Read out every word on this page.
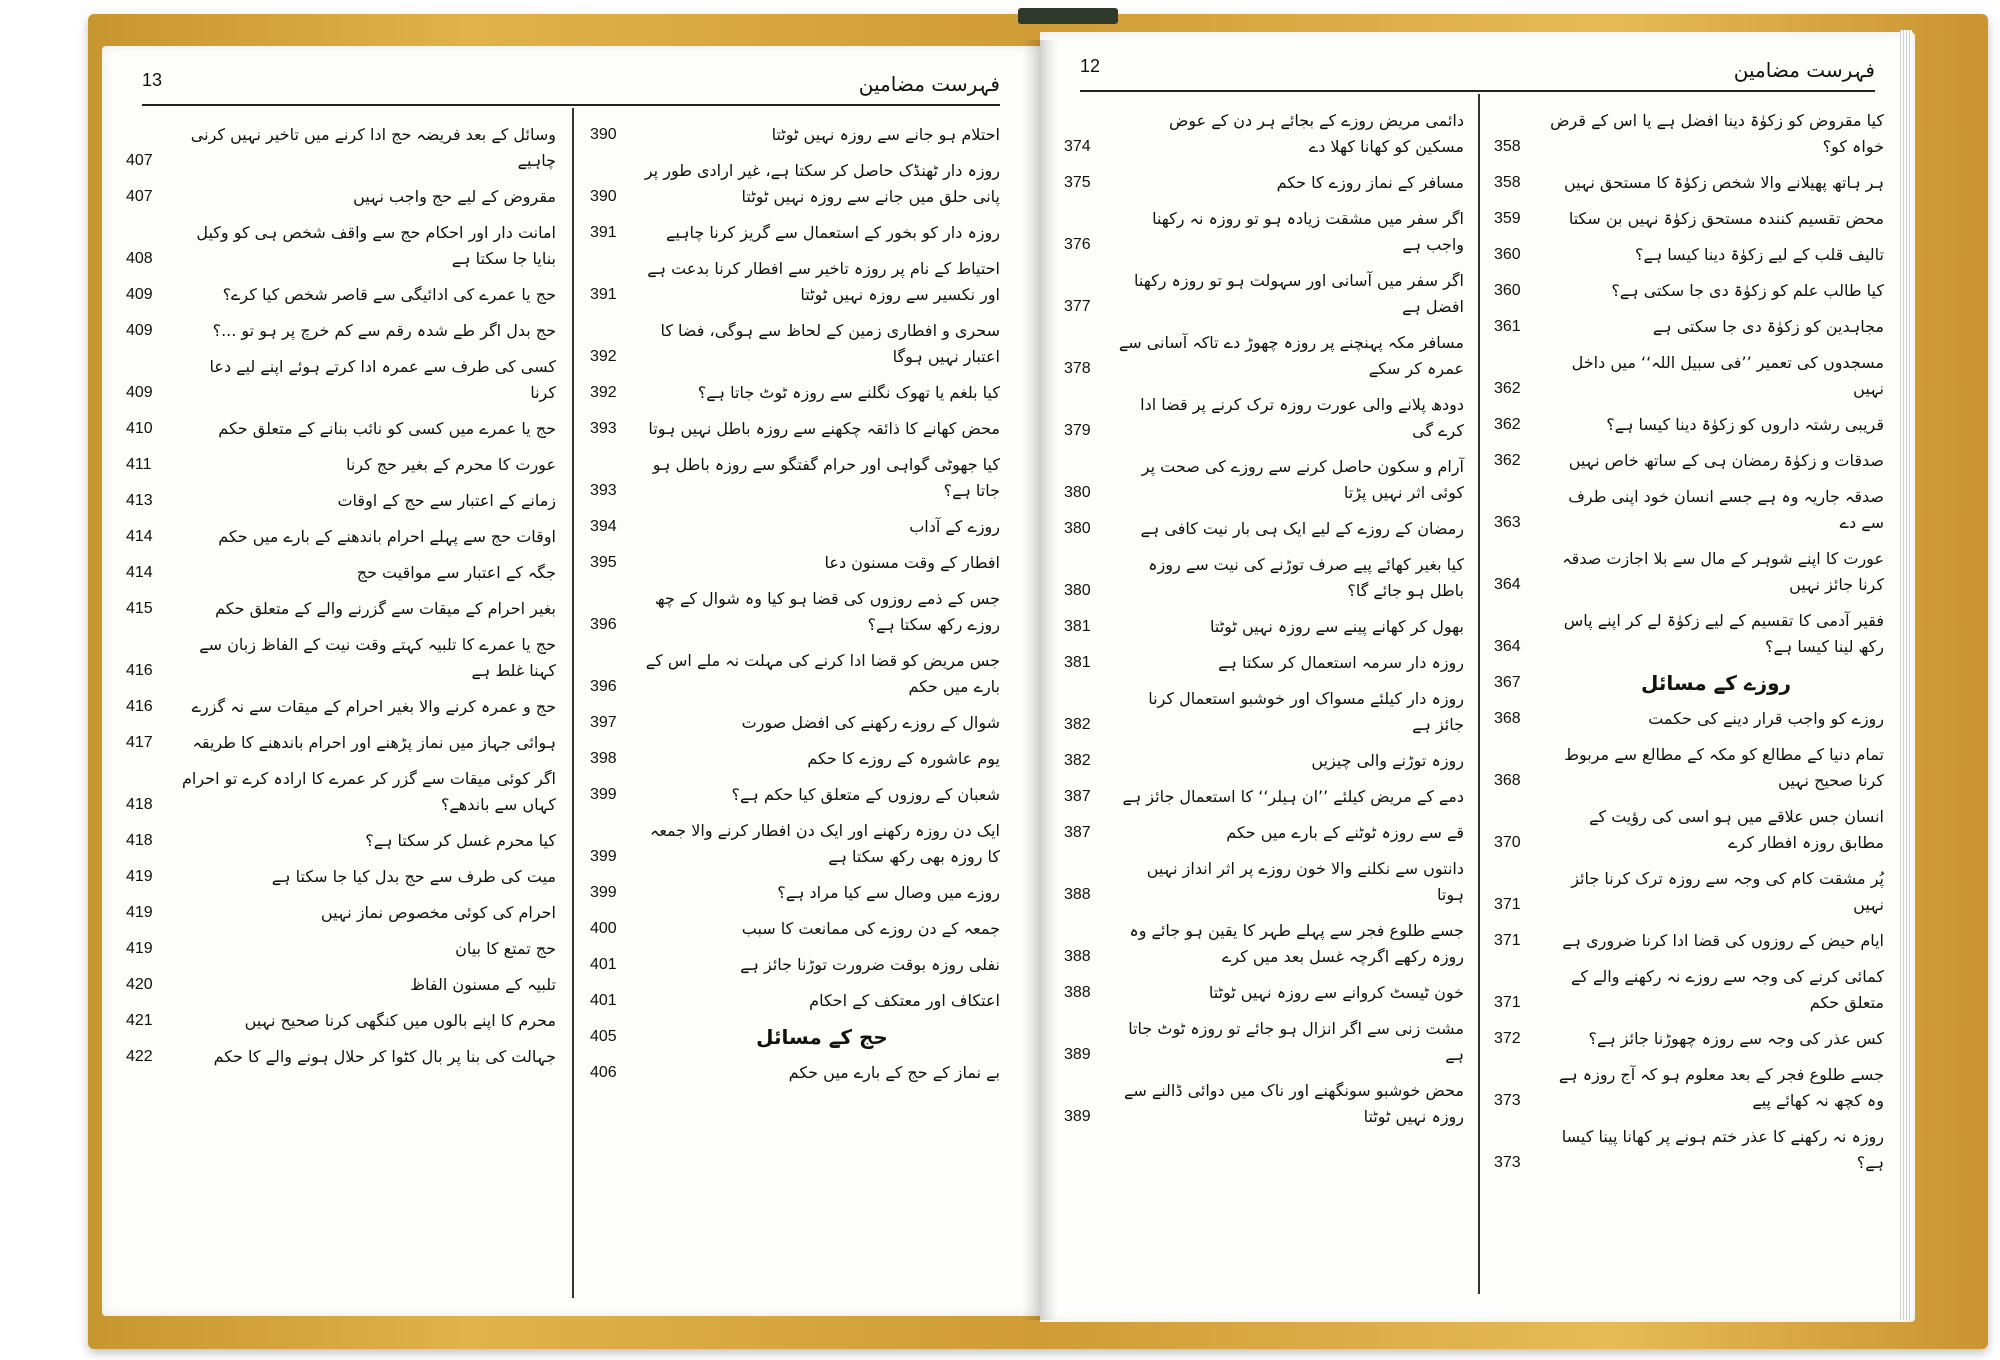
13	فہرست مضامین
390	احتلام ہو جانے سے روزہ نہیں ٹوٹتا
390
روزہ دار ٹھنڈک حاصل کر سکتا ہے، غیر ارادی طور پر پانی حلق میں جانے سے روزہ نہیں ٹوٹتا
391	روزہ دار کو بخور کے استعمال سے گریز کرنا چاہیے
391
احتیاط کے نام پر روزہ تاخیر سے افطار کرنا بدعت ہے اور نکسیر سے روزہ نہیں ٹوٹتا
392
سحری و افطاری زمین کے لحاظ سے ہوگی، فضا کا اعتبار نہیں ہوگا
392	کیا بلغم یا تھوک نگلنے سے روزہ ٹوٹ جاتا ہے؟
393	محض کھانے کا ذائقہ چکھنے سے روزہ باطل نہیں ہوتا
393
کیا جھوٹی گواہی اور حرام گفتگو سے روزہ باطل ہو جاتا ہے؟
394	روزے کے آداب
395	افطار کے وقت مسنون دعا
396
جس کے ذمے روزوں کی قضا ہو کیا وہ شوال کے چھ روزے رکھ سکتا ہے؟
396
جس مریض کو قضا ادا کرنے کی مہلت نہ ملے اس کے بارے میں حکم
397	شوال کے روزے رکھنے کی افضل صورت
398	یوم عاشورہ کے روزے کا حکم
399	شعبان کے روزوں کے متعلق کیا حکم ہے؟
399
ایک دن روزہ رکھنے اور ایک دن افطار کرنے والا جمعہ کا روزہ بھی رکھ سکتا ہے
399	روزے میں وصال سے کیا مراد ہے؟
400	جمعہ کے دن روزے کی ممانعت کا سبب
401	نفلی روزہ بوقت ضرورت توڑنا جائز ہے
401	اعتکاف اور معتکف کے احکام
405	حج کے مسائل
406	بے نماز کے حج کے بارے میں حکم
407
وسائل کے بعد فریضہ حج ادا کرنے میں تاخیر نہیں کرنی چاہیے
407	مقروض کے لیے حج واجب نہیں
408
امانت دار اور احکام حج سے واقف شخص ہی کو وکیل بنایا جا سکتا ہے
409	حج یا عمرے کی ادائیگی سے قاصر شخص کیا کرے؟
409	حج بدل اگر طے شدہ رقم سے کم خرچ پر ہو تو ...؟
409
کسی کی طرف سے عمرہ ادا کرتے ہوئے اپنے لیے دعا کرنا
410	حج یا عمرے میں کسی کو نائب بنانے کے متعلق حکم
411	عورت کا محرم کے بغیر حج کرنا
413	زمانے کے اعتبار سے حج کے اوقات
414	اوقات حج سے پہلے احرام باندھنے کے بارے میں حکم
414	جگہ کے اعتبار سے مواقیت حج
415	بغیر احرام کے میقات سے گزرنے والے کے متعلق حکم
416
حج یا عمرے کا تلبیہ کہتے وقت نیت کے الفاظ زبان سے کہنا غلط ہے
416	حج و عمرہ کرنے والا بغیر احرام کے میقات سے نہ گزرے
417	ہوائی جہاز میں نماز پڑھنے اور احرام باندھنے کا طریقہ
418
اگر کوئی میقات سے گزر کر عمرے کا ارادہ کرے تو احرام کہاں سے باندھے؟
418	کیا محرم غسل کر سکتا ہے؟
419	میت کی طرف سے حج بدل کیا جا سکتا ہے
419	احرام کی کوئی مخصوص نماز نہیں
419	حج تمتع کا بیان
420	تلبیہ کے مسنون الفاظ
421	محرم کا اپنے بالوں میں کنگھی کرنا صحیح نہیں
422	جہالت کی بنا پر بال کٹوا کر حلال ہونے والے کا حکم
12	فہرست مضامین
358
کیا مقروض کو زکوٰۃ دینا افضل ہے یا اس کے قرض خواہ کو؟
358	ہر ہاتھ پھیلانے والا شخص زکوٰۃ کا مستحق نہیں
359	محض تقسیم کنندہ مستحق زکوٰۃ نہیں بن سکتا
360	تالیف قلب کے لیے زکوٰۃ دینا کیسا ہے؟
360	کیا طالب علم کو زکوٰۃ دی جا سکتی ہے؟
361	مجاہدین کو زکوٰۃ دی جا سکتی ہے
362
مسجدوں کی تعمیر ’’فی سبیل اللہ‘‘ میں داخل نہیں
362	قریبی رشتہ داروں کو زکوٰۃ دینا کیسا ہے؟
362	صدقات و زکوٰۃ رمضان ہی کے ساتھ خاص نہیں
363
صدقہ جاریہ وہ ہے جسے انسان خود اپنی طرف سے دے
364
عورت کا اپنے شوہر کے مال سے بلا اجازت صدقہ کرنا جائز نہیں
364
فقیر آدمی کا تقسیم کے لیے زکوٰۃ لے کر اپنے پاس رکھ لینا کیسا ہے؟
367	روزے کے مسائل
368	روزے کو واجب قرار دینے کی حکمت
368
تمام دنیا کے مطالع کو مکہ کے مطالع سے مربوط کرنا صحیح نہیں
370
انسان جس علاقے میں ہو اسی کی رؤیت کے مطابق روزہ افطار کرے
371
پُر مشقت کام کی وجہ سے روزہ ترک کرنا جائز نہیں
371	ایام حیض کے روزوں کی قضا ادا کرنا ضروری ہے
371
کمائی کرنے کی وجہ سے روزے نہ رکھنے والے کے متعلق حکم
372	کس عذر کی وجہ سے روزہ چھوڑنا جائز ہے؟
373
جسے طلوع فجر کے بعد معلوم ہو کہ آج روزہ ہے وہ کچھ نہ کھائے پیے
373
روزہ نہ رکھنے کا عذر ختم ہونے پر کھانا پینا کیسا ہے؟
374
دائمی مریض روزے کے بجائے ہر دن کے عوض مسکین کو کھانا کھلا دے
375	مسافر کے نماز روزے کا حکم
376
اگر سفر میں مشقت زیادہ ہو تو روزہ نہ رکھنا واجب ہے
377
اگر سفر میں آسانی اور سہولت ہو تو روزہ رکھنا افضل ہے
378
مسافر مکہ پہنچنے پر روزہ چھوڑ دے تاکہ آسانی سے عمرہ کر سکے
379
دودھ پلانے والی عورت روزہ ترک کرنے پر قضا ادا کرے گی
380
آرام و سکون حاصل کرنے سے روزے کی صحت پر کوئی اثر نہیں پڑتا
380	رمضان کے روزے کے لیے ایک ہی بار نیت کافی ہے
380
کیا بغیر کھائے پیے صرف توڑنے کی نیت سے روزہ باطل ہو جائے گا؟
381	بھول کر کھانے پینے سے روزہ نہیں ٹوٹتا
381	روزہ دار سرمہ استعمال کر سکتا ہے
382
روزہ دار کیلئے مسواک اور خوشبو استعمال کرنا جائز ہے
382	روزہ توڑنے والی چیزیں
387	دمے کے مریض کیلئے ’’ان ہیلر‘‘ کا استعمال جائز ہے
387	قے سے روزہ ٹوٹنے کے بارے میں حکم
388
دانتوں سے نکلنے والا خون روزے پر اثر انداز نہیں ہوتا
388
جسے طلوع فجر سے پہلے طہر کا یقین ہو جائے وہ روزہ رکھے اگرچہ غسل بعد میں کرے
388	خون ٹیسٹ کروانے سے روزہ نہیں ٹوٹتا
389
مشت زنی سے اگر انزال ہو جائے تو روزہ ٹوٹ جاتا ہے
389
محض خوشبو سونگھنے اور ناک میں دوائی ڈالنے سے روزہ نہیں ٹوٹتا
